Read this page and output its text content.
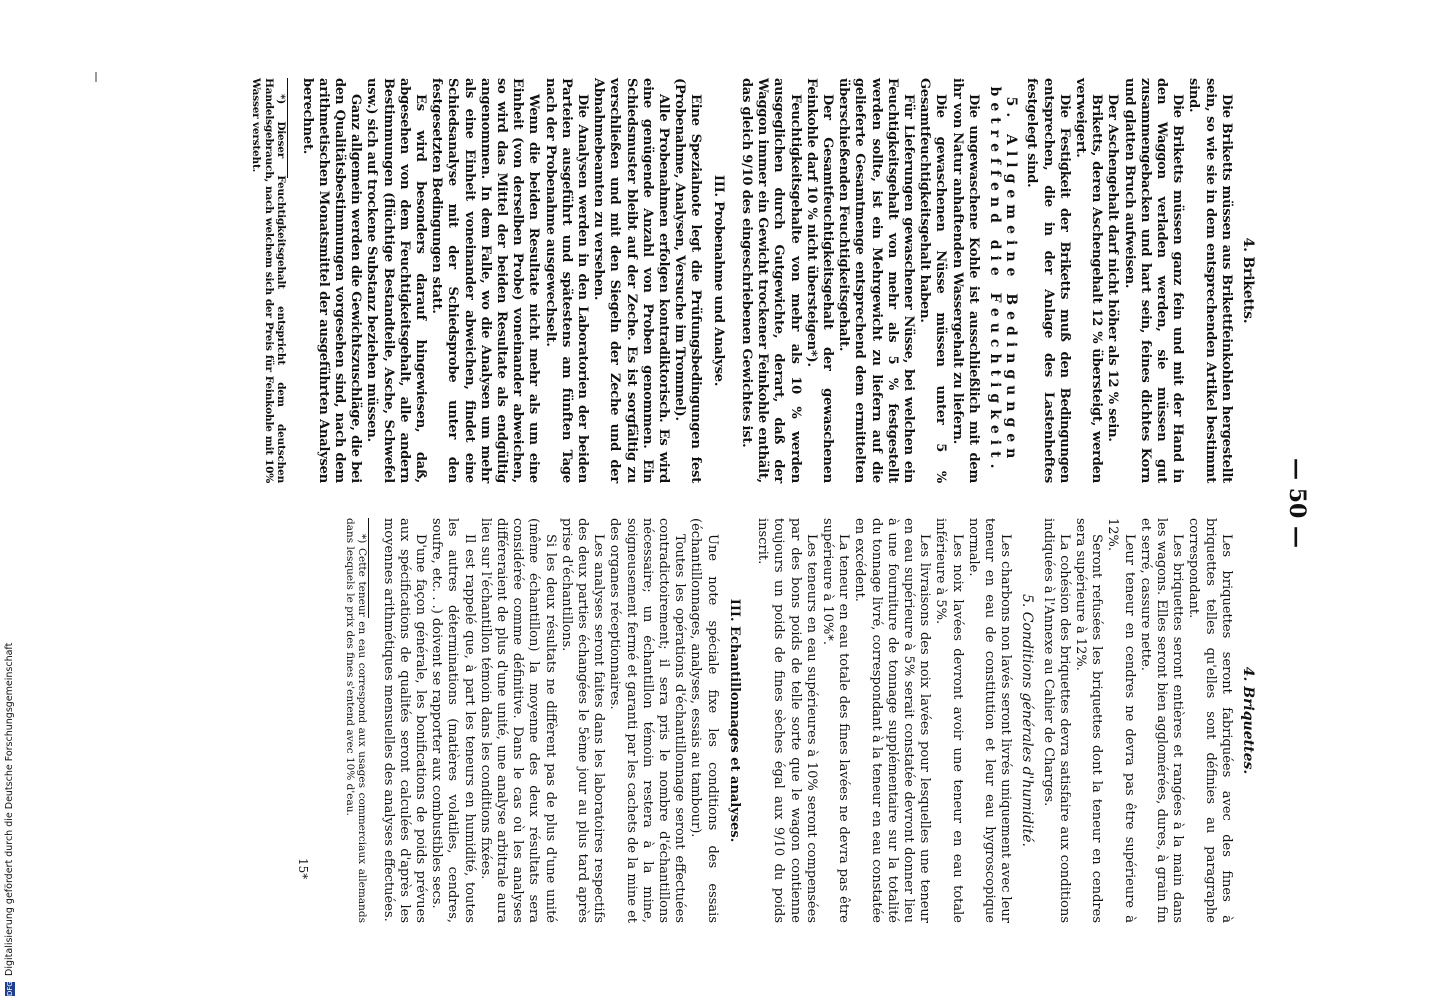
— 50 —
4. Briketts.

Die Briketts müssen aus Brikettfeinkohlen hergestellt sein, so wie sie in dem entsprechenden Artikel bestimmt sind.

Die Briketts müssen ganz fein und mit der Hand in den Waggon verladen werden, sie müssen gut zusammengebacken und hart sein, feines dichtes Korn und glatten Bruch aufweisen.

Der Aschengehalt darf nicht höher als 12 % sein.

Briketts, deren Aschengehalt 12 % übersteigt, werden verweigert.

Die Festigkeit der Briketts muß den Bedingungen entsprechen, die in der Anlage des Lastenheftes festgelegt sind.

5. Allgemeine Bedingungen betreffend die Feuchtigkeit.

Die ungewaschene Kohle ist ausschließlich mit dem ihr von Natur anhaftenden Wassergehalt zu liefern.

Die gewaschenen Nüsse müssen unter 5 % Gesamtfeuchtigkeitsgehalt haben.

Für Lieferungen gewaschener Nüsse, bei welchen ein Feuchtigkeitsgehalt von mehr als 5 % festgestellt werden sollte, ist ein Mehrgewicht zu liefern auf die gelieferte Gesamtmenge entsprechend dem ermittelten überschießenden Feuchtigkeitsgehalt.

Der Gesamtfeuchtigkeitsgehalt der gewaschenen Feinkohle darf 10 % nicht übersteigen*).

Feuchtigkeitsgehalte von mehr als 10 % werden ausgeglichen durch Gutgewichte, derart, daß der Waggon immer ein Gewicht trockener Feinkohle enthält, das gleich 9/10 des eingeschriebenen Gewichtes ist.

III. Probenahme und Analyse.

Eine Spezialnote legt die Prüfungsbedingungen fest (Probenahme, Analysen, Versuche im Trommel).

Alle Probenahmen erfolgen kontradiktorisch. Es wird eine genügende Anzahl von Proben genommen. Ein Schiedsmuster bleibt auf der Zeche. Es ist sorgfältig zu verschließen und mit den Siegeln der Zeche und der Abnahmebeamten zu versehen.

Die Analysen werden in den Laboratorien der beiden Parteien ausgeführt und spätestens am fünften Tage nach der Probenahme ausgewechselt.

Wenn die beiden Resultate nicht mehr als um eine Einheit (von derselben Probe) voneinander abweichen, so wird das Mittel der beiden Resultate als endgültig angenommen. In dem Falle, wo die Analysen um mehr als eine Einheit voneinander abweichen, findet eine Schiedsanalyse mit der Schiedsprobe unter den festgesetzten Bedingungen statt.

Es wird besonders darauf hingewiesen, daß, abgesehen von dem Feuchtigkeitsgehalt, alle andern Bestimmungen (flüchtige Bestandteile, Asche, Schwefel usw.) sich auf trockene Substanz beziehen müssen.

Ganz allgemein werden die Gewichtszuschläge, die bei den Qualitätsbestimmungen vorgesehen sind, nach dem arithmetischen Monatsmittel der ausgeführten Analysen berechnet.

*) Dieser Feuchtigkeitsgehalt entspricht dem deutschen Handelsgebrauch, nach welchem sich der Preis für Feinkohle mit 10% Wasser versteht.

4. Briquettes.

Les briquettes seront fabriquées avec des fines à briquettes telles qu'elles sont définies au paragraphe correspondant.

Les briquettes seront entières et rangées à la main dans les wagons. Elles seront bien agglomérées, dures, à grain fin et serré, cassure nette.

Leur teneur en cendres ne devra pas être supérieure à 12%.

Seront refusées les briquettes dont la teneur en cendres sera supérieure à 12%.

La cohésion des briquettes devra satisfaire aux conditions indiquées à l'Annexe au Cahier de Charges.

5. Conditions générales d'humidité.

Les charbons non lavés seront livrés uniquement avec leur teneur en eau de constitution et leur eau hygroscopique normale.

Les noix lavées devront avoir une teneur en eau totale inférieure à 5%.

Les livraisons des noix lavées pour lesquelles une teneur en eau supérieure à 5% serait constatée devront donner lieu à une fourniture de tonnage supplémentaire sur la totalité du tonnage livré, correspondant à la teneur en eau constatée en excédent.

La teneur en eau totale des fines lavées ne devra pas être supérieure à 10%*.

Les teneurs en eau supérieures à 10% seront compensées par des bons poids de telle sorte que le wagon contienne toujours un poids de fines sèches égal aux 9/10 du poids inscrit.

III. Echantillonnages et analyses.

Une note spéciale fixe les conditions des essais (échantillonnages, analyses, essais au tambour).

Toutes les opérations d'échantillonnage seront effectuées contradictoirement; il sera pris le nombre d'échantillons nécessaire; un échantillon témoin restera à la mine, soigneusement fermé et garanti par les cachets de la mine et des organes réceptionnaires.

Les analyses seront faites dans les laboratoires respectifs des deux parties échangées le 5ème jour au plus tard après prise d'échantillons.

Si les deux résultats ne diffèrent pas de plus d'une unité (même échantillon) la moyenne des deux résultats sera considérée comme définitive. Dans le cas où les analyses différeraient de plus d'une unité, une analyse arbitrale aura lieu sur l'échantillon témoin dans les conditions fixées.

Il est rappelé que, à part les teneurs en humidité, toutes les autres déterminations (matières volatiles, cendres, soufre, etc. . .) doivent se rapporter aux combustibles secs.

D'une façon générale, les bonifications de poids prévues aux spécifications de qualités seront calculées d'après les moyennes arithmétiques mensuelles des analyses effectuées.

*) Cette teneur en eau correspond aux usages commerciaux allemands dans lesquels le prix des fines s'entend avec 10% d'eau.

15*
DFG Digitalisierung gefördert durch die Deutsche Forschungsgemeinschaft
